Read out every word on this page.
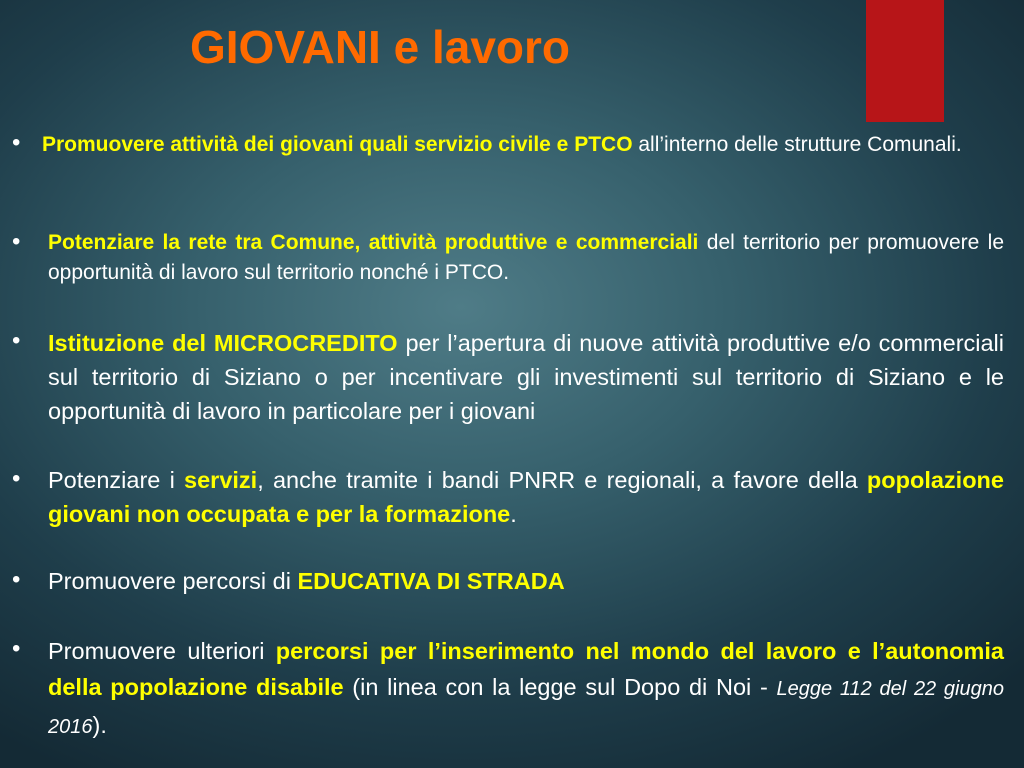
GIOVANI e lavoro
• Promuovere attività dei giovani quali servizio civile e PTCO all’interno delle strutture Comunali.
• Potenziare la rete tra Comune, attività produttive e commerciali del territorio per promuovere le opportunità di lavoro sul territorio nonché i PTCO.
• Istituzione del MICROCREDITO per l’apertura di nuove attività produttive e/o commerciali sul territorio di Siziano o per incentivare gli investimenti sul territorio di Siziano e le opportunità di lavoro in particolare per i giovani
• Potenziare i servizi, anche tramite i bandi PNRR e regionali, a favore della popolazione giovani non occupata e per la formazione.
• Promuovere percorsi di EDUCATIVA DI STRADA
• Promuovere ulteriori percorsi per l’inserimento nel mondo del lavoro e l’autonomia della popolazione disabile (in linea con la legge sul Dopo di Noi - Legge 112 del 22 giugno 2016).
